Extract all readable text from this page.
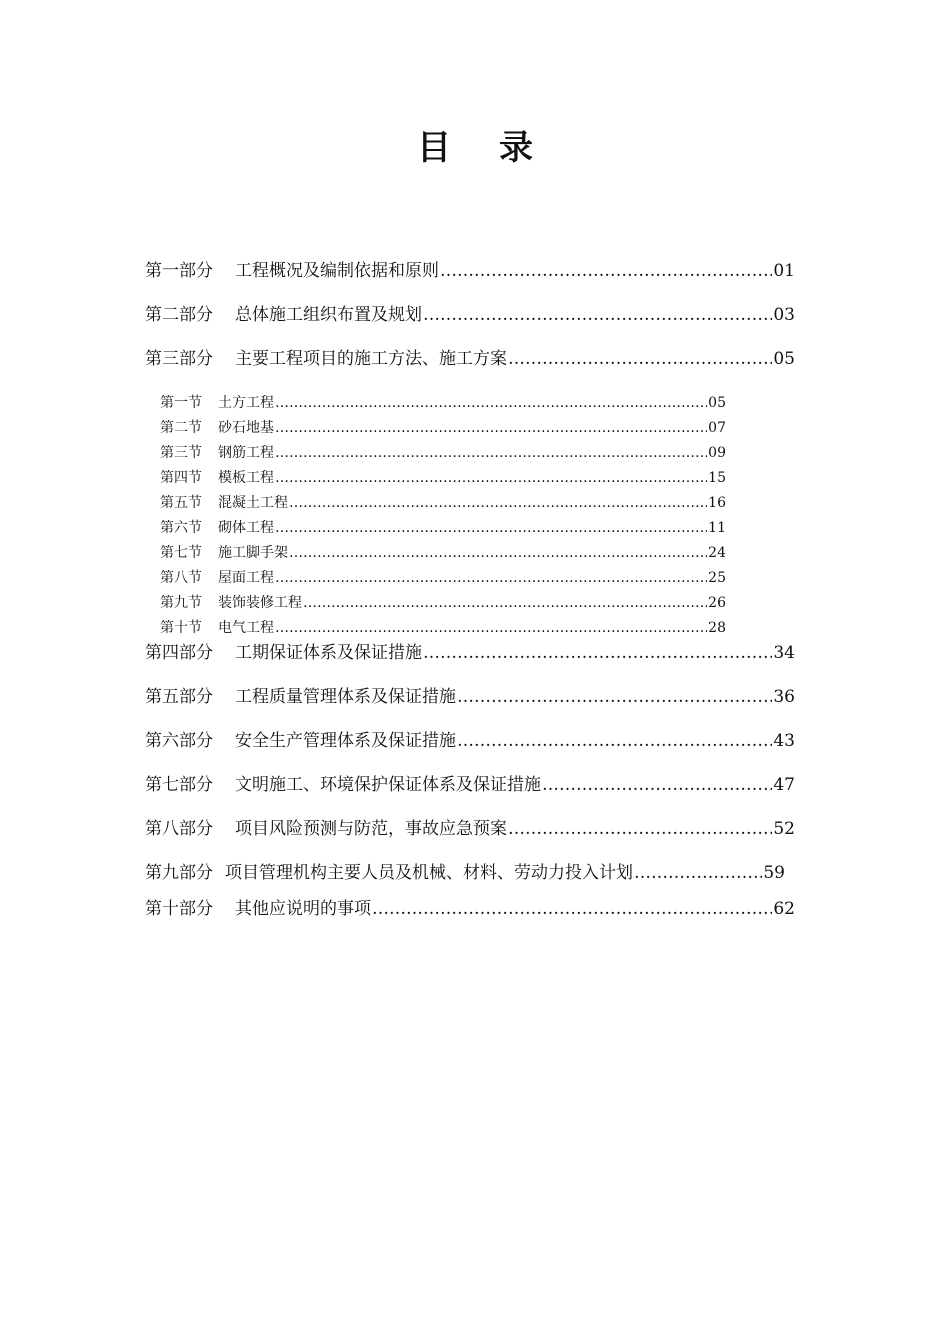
目 录
第一部分 工程概况及编制依据和原则 ………………………………………………………………………………………………………………………………………………………………	01
第二部分 总体施工组织布置及规划 ………………………………………………………………………………………………………………………………………………………………	03
第三部分 主要工程项目的施工方法、施工方案 ………………………………………………………………………………………………………………………………………………………………	05
第一节 土方工程 ………………………………………………………………………………………………………………………………………………………………	05
第二节 砂石地基 ………………………………………………………………………………………………………………………………………………………………	07
第三节 钢筋工程 ………………………………………………………………………………………………………………………………………………………………	09
第四节 模板工程 ………………………………………………………………………………………………………………………………………………………………	15
第五节 混凝土工程 ………………………………………………………………………………………………………………………………………………………………	16
第六节 砌体工程 ………………………………………………………………………………………………………………………………………………………………	11
第七节 施工脚手架 ………………………………………………………………………………………………………………………………………………………………	24
第八节 屋面工程 ………………………………………………………………………………………………………………………………………………………………	25
第九节 装饰装修工程 ………………………………………………………………………………………………………………………………………………………………	26
第十节 电气工程 ………………………………………………………………………………………………………………………………………………………………	28
第四部分 工期保证体系及保证措施 ………………………………………………………………………………………………………………………………………………………………	34
第五部分 工程质量管理体系及保证措施 ………………………………………………………………………………………………………………………………………………………………	36
第六部分 安全生产管理体系及保证措施 ………………………………………………………………………………………………………………………………………………………………	43
第七部分 文明施工、环境保护保证体系及保证措施 ………………………………………………………………………………………………………………………………………………………………	47
第八部分 项目风险预测与防范，事故应急预案 ………………………………………………………………………………………………………………………………………………………………	52
第九部分 项目管理机构主要人员及机械、材料、劳动力投入计划 ………………………………………………………………………………………………………………………………………………………………	59
第十部分 其他应说明的事项 ………………………………………………………………………………………………………………………………………………………………	62
